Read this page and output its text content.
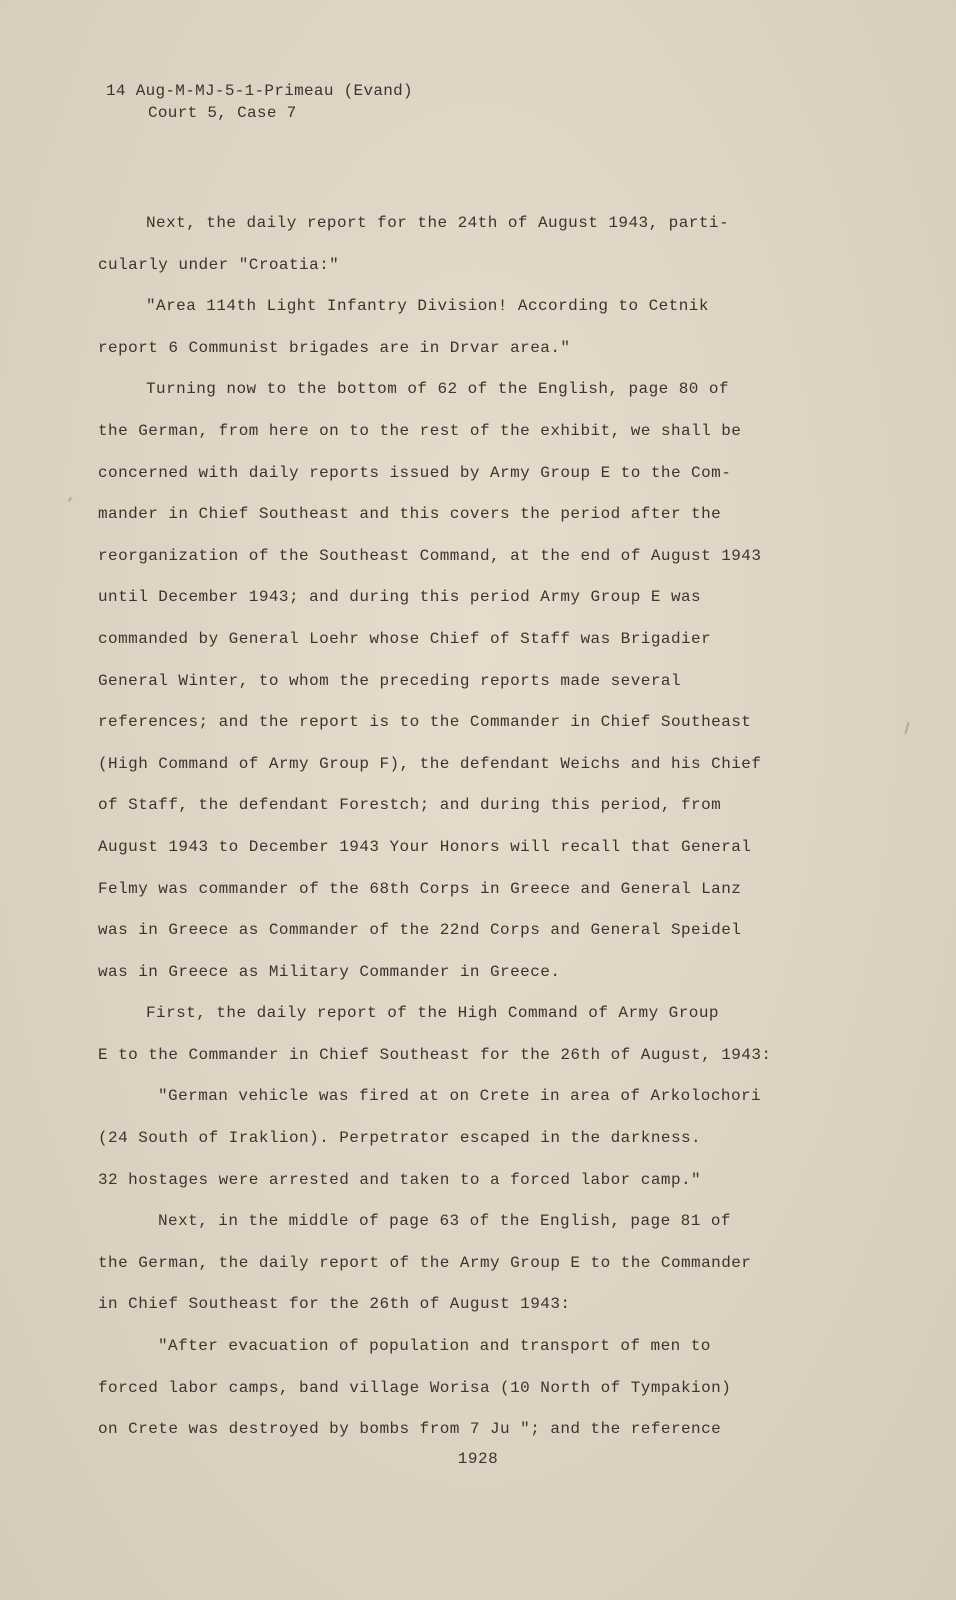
14 Aug-M-MJ-5-1-Primeau (Evand)
Court 5, Case 7
Next, the daily report for the 24th of August 1943, parti-
cularly under "Croatia:"
"Area 114th Light Infantry Division! According to Cetnik
report 6 Communist brigades are in Drvar area."
Turning now to the bottom of 62 of the English, page 80 of
the German, from here on to the rest of the exhibit, we shall be
concerned with daily reports issued by Army Group E to the Com-
mander in Chief Southeast and this covers the period after the
reorganization of the Southeast Command, at the end of August 1943
until December 1943; and during this period Army Group E was
commanded by General Loehr whose Chief of Staff was Brigadier
General Winter, to whom the preceding reports made several
references; and the report is to the Commander in Chief Southeast
(High Command of Army Group F), the defendant Weichs and his Chief
of Staff, the defendant Forestch; and during this period, from
August 1943 to December 1943 Your Honors will recall that General
Felmy was commander of the 68th Corps in Greece and General Lanz
was in Greece as Commander of the 22nd Corps and General Speidel
was in Greece as Military Commander in Greece.
First, the daily report of the High Command of Army Group
E to the Commander in Chief Southeast for the 26th of August, 1943:
"German vehicle was fired at on Crete in area of Arkolochori
(24 South of Iraklion). Perpetrator escaped in the darkness.
32 hostages were arrested and taken to a forced labor camp."
Next, in the middle of page 63 of the English, page 81 of
the German, the daily report of the Army Group E to the Commander
in Chief Southeast for the 26th of August 1943:
"After evacuation of population and transport of men to
forced labor camps, band village Worisa (10 North of Tympakion)
on Crete was destroyed by bombs from 7 Ju "; and the reference
1928
